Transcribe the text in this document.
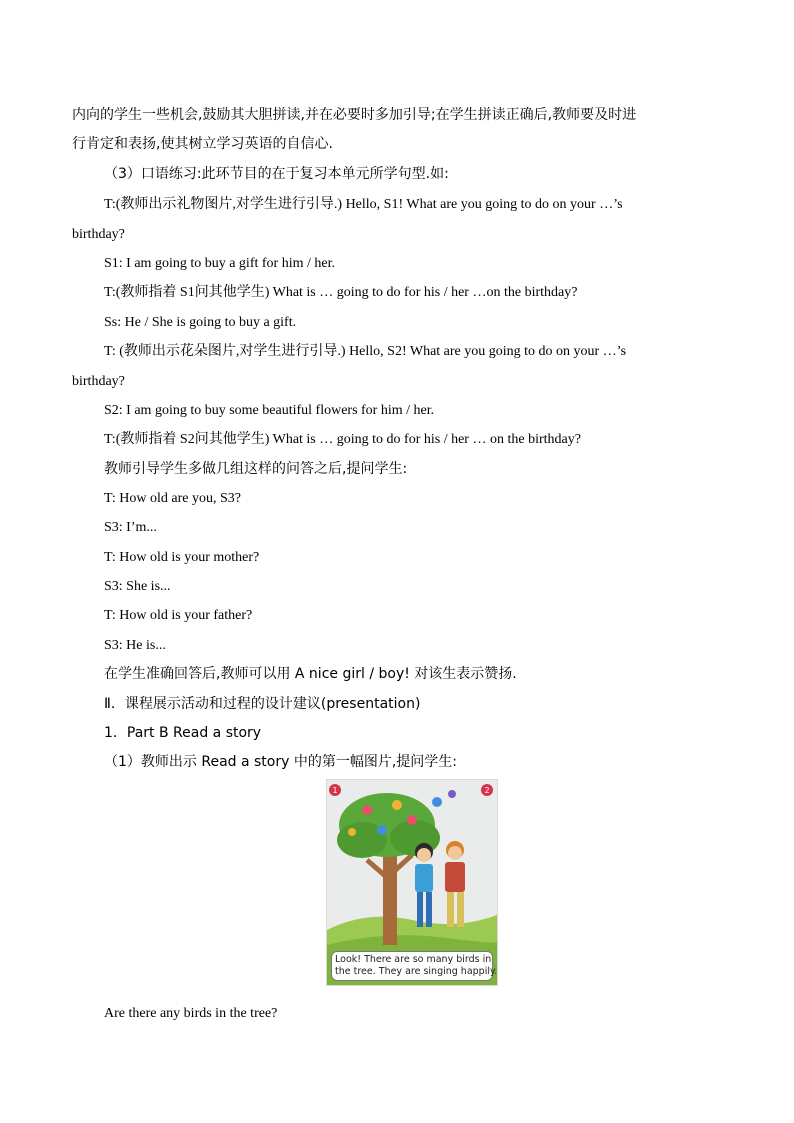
内向的学生一些机会,鼓励其大胆拼读,并在必要时多加引导;在学生拼读正确后,教师要及时进
行肯定和表扬,使其树立学习英语的自信心.
（3）口语练习:此环节目的在于复习本单元所学句型.如:
T:(教师出示礼物图片,对学生进行引导.) Hello, S1! What are you going to do on your …’s
birthday?
S1: I am going to buy a gift for him / her.
T:(教师指着 S1问其他学生) What is … going to do for his / her …on the birthday?
Ss: He / She is going to buy a gift.
T: (教师出示花朵图片,对学生进行引导.) Hello, S2! What are you going to do on your …’s
birthday?
S2: I am going to buy some beautiful flowers for him / her.
T:(教师指着 S2问其他学生) What is … going to do for his / her … on the birthday?
教师引导学生多做几组这样的问答之后,提问学生:
T: How old are you, S3?
S3: I’m...
T: How old is your mother?
S3: She is...
T: How old is your father?
S3: He is...
在学生准确回答后,教师可以用 A nice girl / boy! 对该生表示赞扬.
Ⅱ．课程展示活动和过程的设计建议(presentation)
1．Part B Read a story
（1）教师出示 Read a story 中的第一幅图片,提问学生:
1	2
Look! There are so many birds in
the tree. They are singing happily.
Are there any birds in the tree?
